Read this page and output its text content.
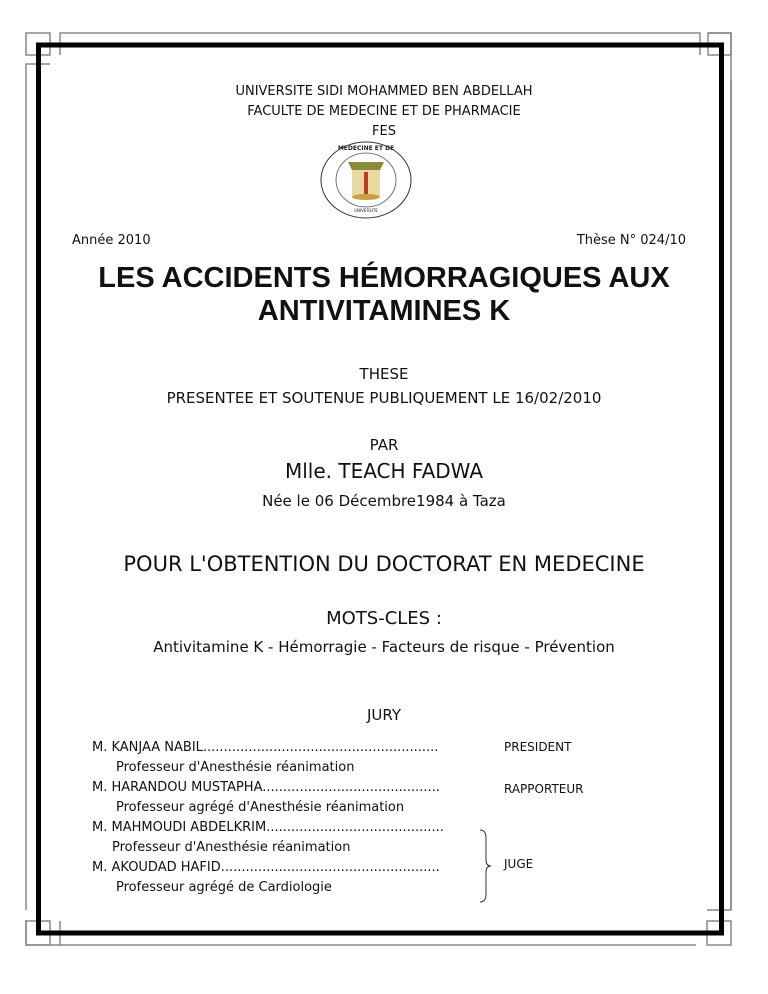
UNIVERSITE SIDI MOHAMMED BEN ABDELLAH
FACULTE DE MEDECINE ET DE PHARMACIE
FES
MEDECINE ET DE
UNIVERSITE
Année 2010	Thèse N° 024/10
LES ACCIDENTS HÉMORRAGIQUES AUX
ANTIVITAMINES K
THESE
PRESENTEE ET SOUTENUE PUBLIQUEMENT LE 16/02/2010
PAR
Mlle. TEACH FADWA
Née le 06 Décembre1984 à Taza
POUR L'OBTENTION DU DOCTORAT EN MEDECINE
MOTS-CLES :
Antivitamine K - Hémorragie - Facteurs de risque - Prévention
JURY
M. KANJAA NABIL.........................................................
Professeur d'Anesthésie réanimation
M. HARANDOU MUSTAPHA...........................................
Professeur agrégé d'Anesthésie réanimation
M. MAHMOUDI ABDELKRIM...........................................
Professeur d'Anesthésie réanimation
M. AKOUDAD HAFID.....................................................
Professeur agrégé de Cardiologie
PRESIDENT
RAPPORTEUR
JUGE
